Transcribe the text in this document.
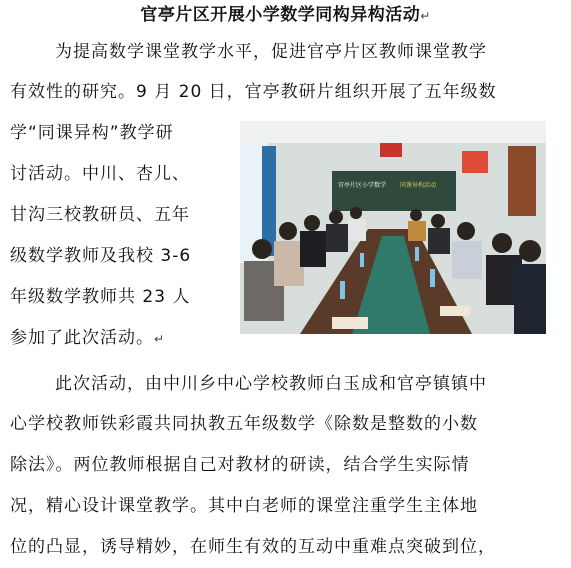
官亭片区开展小学数学同构异构活动↵
为提高数学课堂教学水平，促进官亭片区教师课堂教学
有效性的研究。9 月 20 日，官亭教研片组织开展了五年级数
学“同课异构”教学研
讨活动。中川、杏儿、
甘沟三校教研员、五年
级数学教师及我校 3-6
年级数学教师共 23 人
参加了此次活动。↵
官亭片区小学数学 同课异构活动
此次活动，由中川乡中心学校教师白玉成和官亭镇镇中
心学校教师铁彩霞共同执教五年级数学《除数是整数的小数
除法》。两位教师根据自己对教材的研读，结合学生实际情
况，精心设计课堂教学。其中白老师的课堂注重学生主体地
位的凸显，诱导精妙，在师生有效的互动中重难点突破到位，
